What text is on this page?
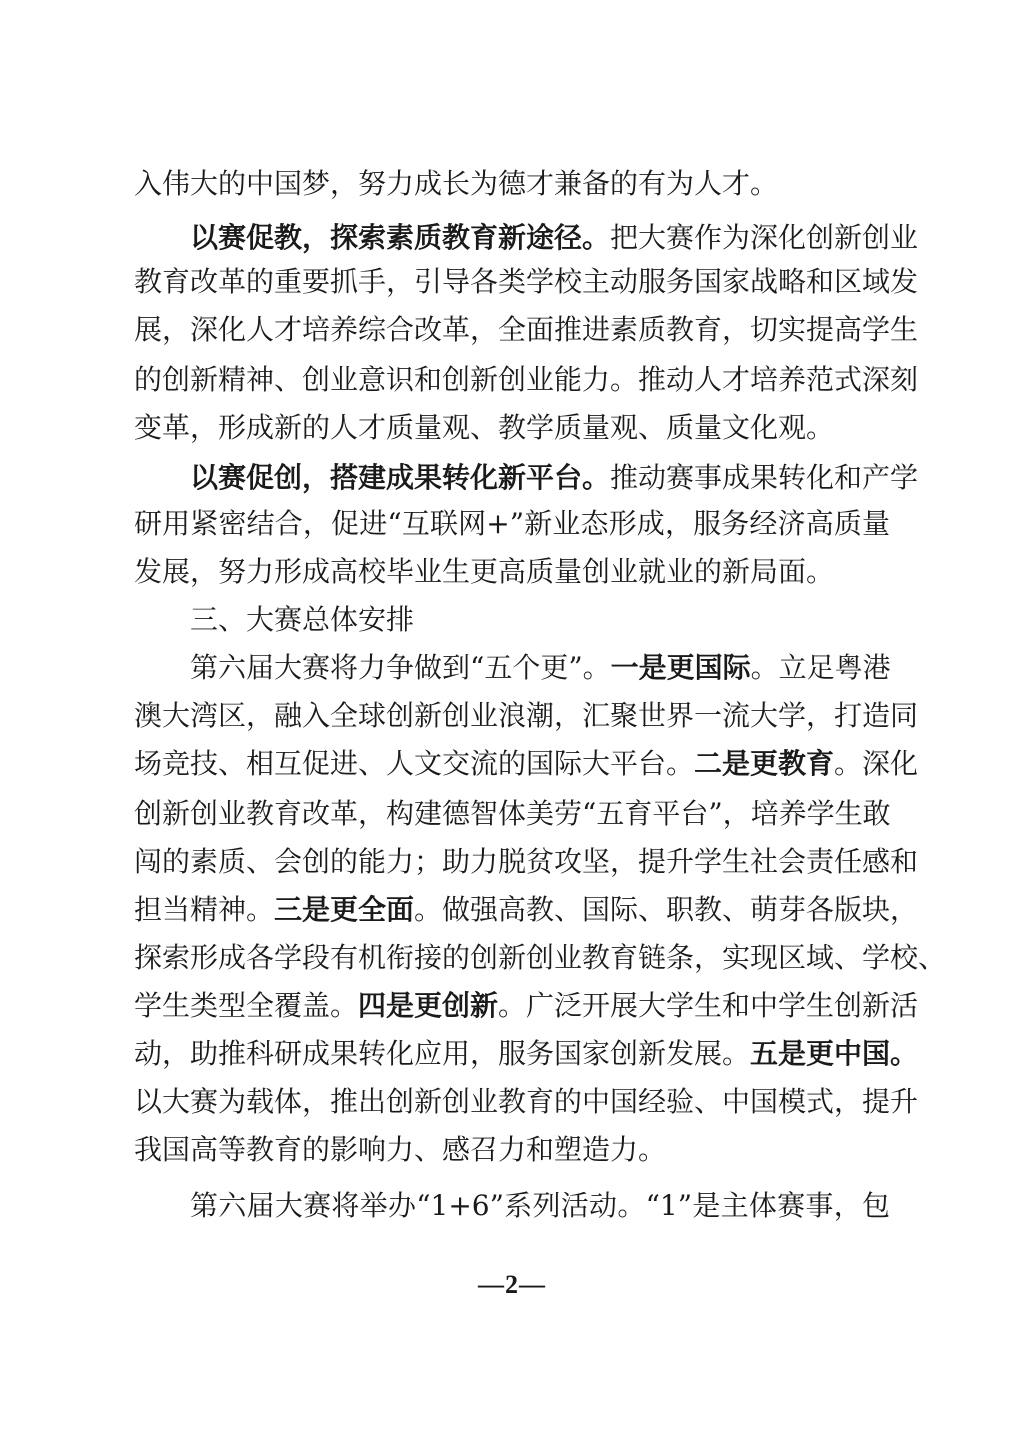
入伟大的中国梦，努力成长为德才兼备的有为人才。
以赛促教，探索素质教育新途径。把大赛作为深化创新创业
教育改革的重要抓手，引导各类学校主动服务国家战略和区域发
展，深化人才培养综合改革，全面推进素质教育，切实提高学生
的创新精神、创业意识和创新创业能力。推动人才培养范式深刻
变革，形成新的人才质量观、教学质量观、质量文化观。
以赛促创，搭建成果转化新平台。推动赛事成果转化和产学
研用紧密结合，促进“互联网+”新业态形成，服务经济高质量
发展，努力形成高校毕业生更高质量创业就业的新局面。
三、大赛总体安排
第六届大赛将力争做到“五个更”。一是更国际。立足粤港
澳大湾区，融入全球创新创业浪潮，汇聚世界一流大学，打造同
场竞技、相互促进、人文交流的国际大平台。二是更教育。深化
创新创业教育改革，构建德智体美劳“五育平台”，培养学生敢
闯的素质、会创的能力；助力脱贫攻坚，提升学生社会责任感和
担当精神。三是更全面。做强高教、国际、职教、萌芽各版块，
探索形成各学段有机衔接的创新创业教育链条，实现区域、学校、
学生类型全覆盖。四是更创新。广泛开展大学生和中学生创新活
动，助推科研成果转化应用，服务国家创新发展。五是更中国。
以大赛为载体，推出创新创业教育的中国经验、中国模式，提升
我国高等教育的影响力、感召力和塑造力。
第六届大赛将举办“1+6”系列活动。“1”是主体赛事，包
—2—
